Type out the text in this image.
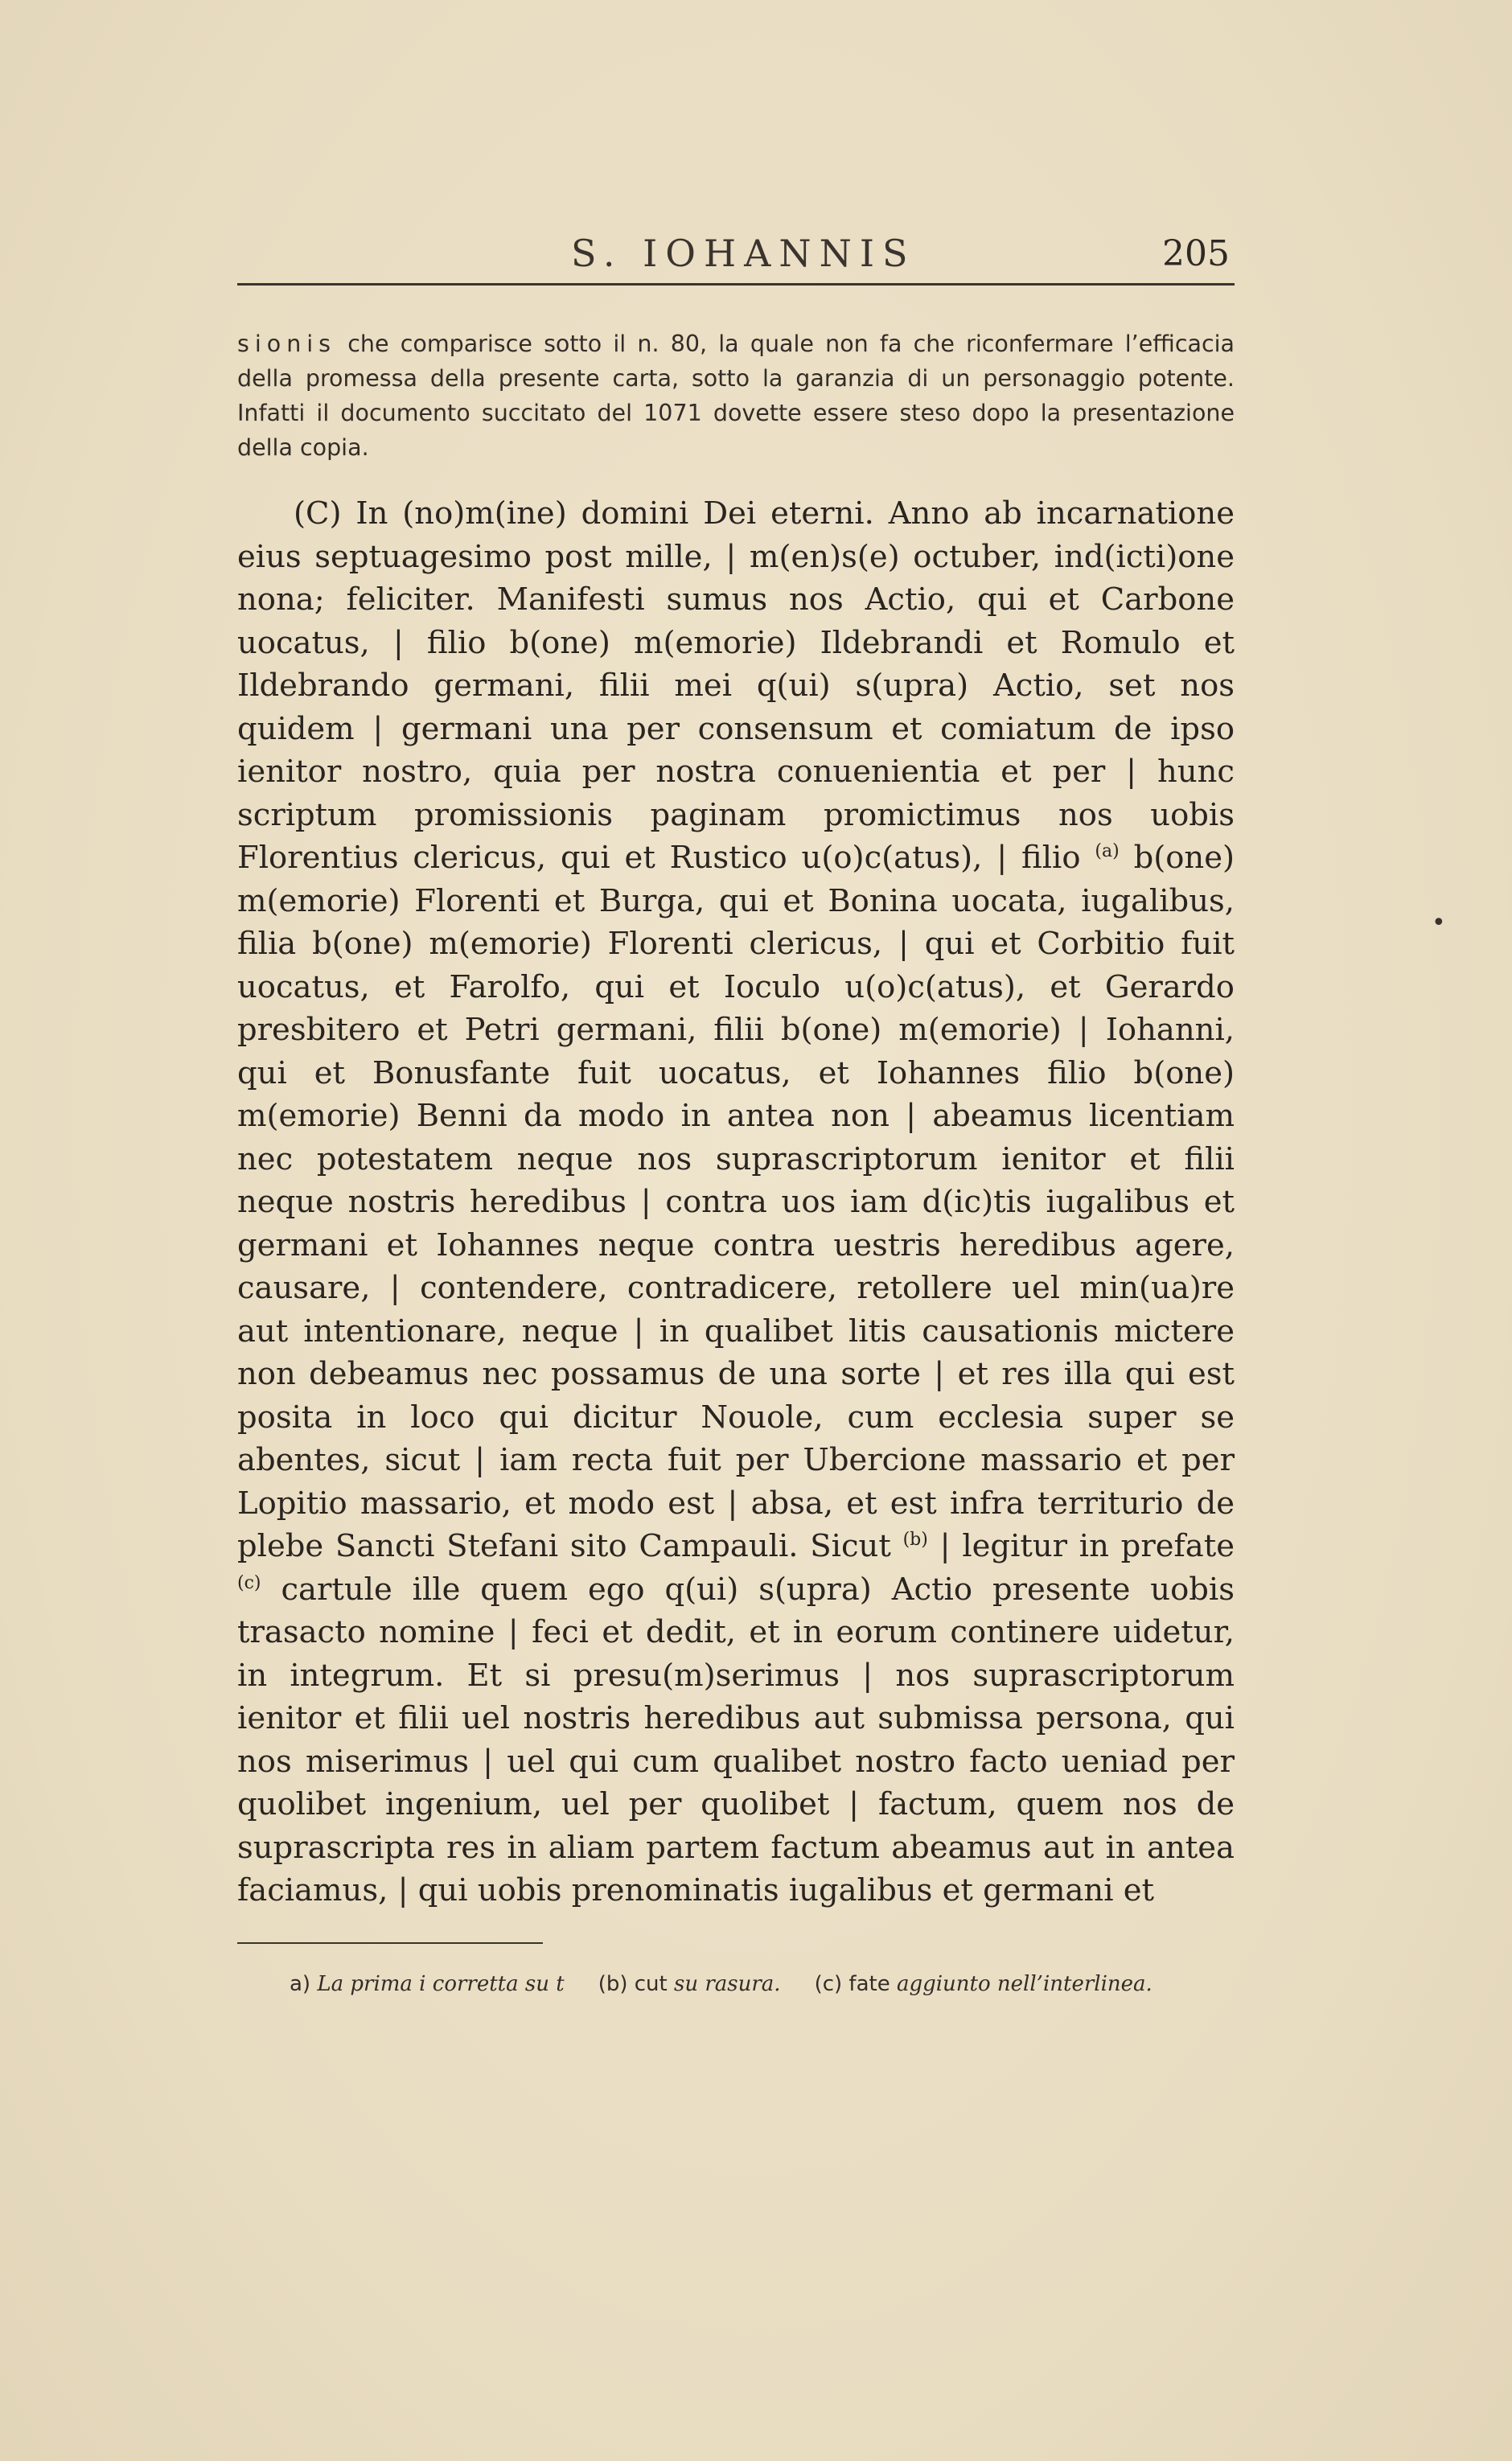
S. IOHANNIS	205
sionis che comparisce sotto il n. 80, la quale non fa che riconfermare l’efficacia della promessa della presente carta, sotto la garanzia di un personaggio potente. Infatti il documento succitato del 1071 dovette essere steso dopo la presentazione della copia.
(C) In (no)m(ine) domini Dei eterni. Anno ab incarnatione eius septuagesimo post mille, | m(en)s(e) octuber, ind(icti)one nona; feliciter. Manifesti sumus nos Actio, qui et Carbone uocatus, | filio b(one) m(emorie) Ildebrandi et Romulo et Ildebrando germani, filii mei q(ui) s(upra) Actio, set nos quidem | germani una per consensum et comiatum de ipso ienitor nostro, quia per nostra conuenientia et per | hunc scriptum promissionis paginam promictimus nos uobis Florentius clericus, qui et Rustico u(o)c(atus), | filio $^{(a)}$ b(one) m(emorie) Florenti et Burga, qui et Bonina uocata, iugalibus, filia b(one) m(emorie) Florenti clericus, | qui et Corbitio fuit uocatus, et Farolfo, qui et Ioculo u(o)c(atus), et Gerardo presbitero et Petri germani, filii b(one) m(emorie) | Iohanni, qui et Bonusfante fuit uocatus, et Iohannes filio b(one) m(emorie) Benni da modo in antea non | abeamus licentiam nec potestatem neque nos suprascriptorum ienitor et filii neque nostris heredibus | contra uos iam d(ic)tis iugalibus et germani et Iohannes neque contra uestris heredibus agere, causare, | contendere, contradicere, retollere uel min(ua)re aut intentionare, neque | in qualibet litis causationis mictere non debeamus nec possamus de una sorte | et res illa qui est posita in loco qui dicitur Nouole, cum ecclesia super se abentes, sicut | iam recta fuit per Ubercione massario et per Lopitio massario, et modo est | absa, et est infra territurio de plebe Sancti Stefani sito Campauli. Sicut $^{(b)}$ | legitur in prefate $^{(c)}$ cartule ille quem ego q(ui) s(upra) Actio presente uobis trasacto nomine | feci et dedit, et in eorum continere uidetur, in integrum. Et si presu(m)serimus | nos suprascriptorum ienitor et filii uel nostris heredibus aut submissa persona, qui nos miserimus | uel qui cum qualibet nostro facto ueniad per quolibet ingenium, uel per quolibet | factum, quem nos de suprascripta res in aliam partem factum abeamus aut in antea faciamus, | qui uobis prenominatis iugalibus et germani et
•
a) La prima i corretta su t (b) cut su rasura. (c) fate aggiunto nell’interlinea.
